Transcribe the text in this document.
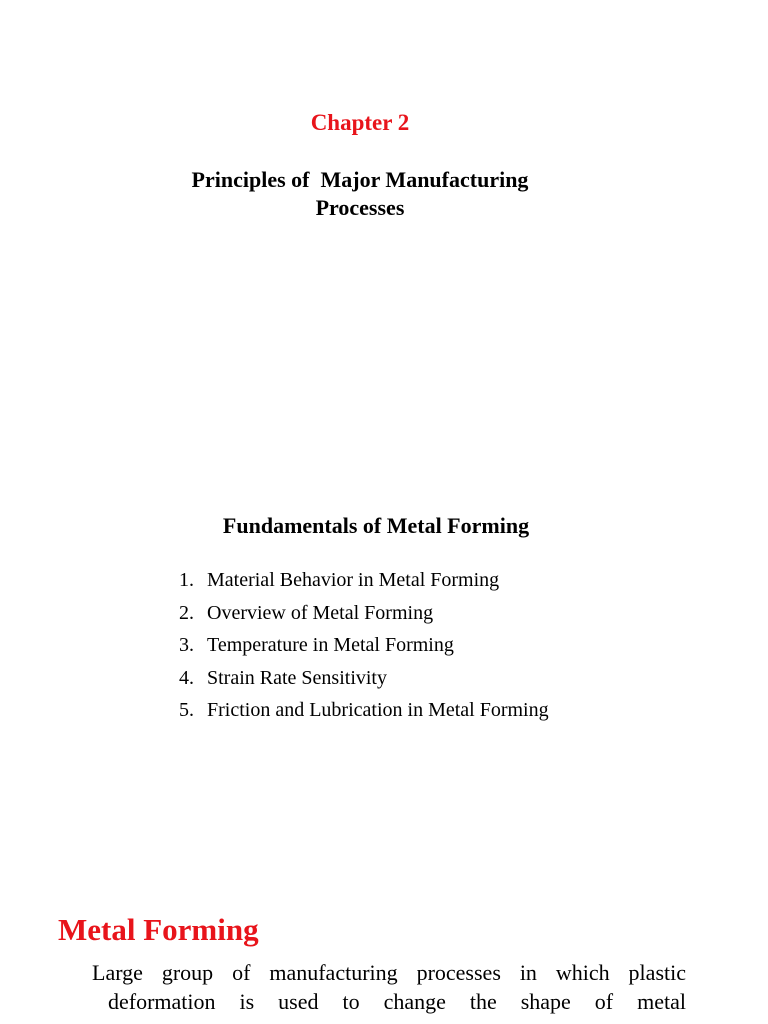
Chapter 2
Principles of  Major Manufacturing
Processes
Fundamentals of Metal Forming
1. Material Behavior in Metal Forming
2. Overview of Metal Forming
3. Temperature in Metal Forming
4. Strain Rate Sensitivity
5. Friction and Lubrication in Metal Forming
Metal Forming
Large group of manufacturing processes in which plastic
deformation is used to change the shape of metal
